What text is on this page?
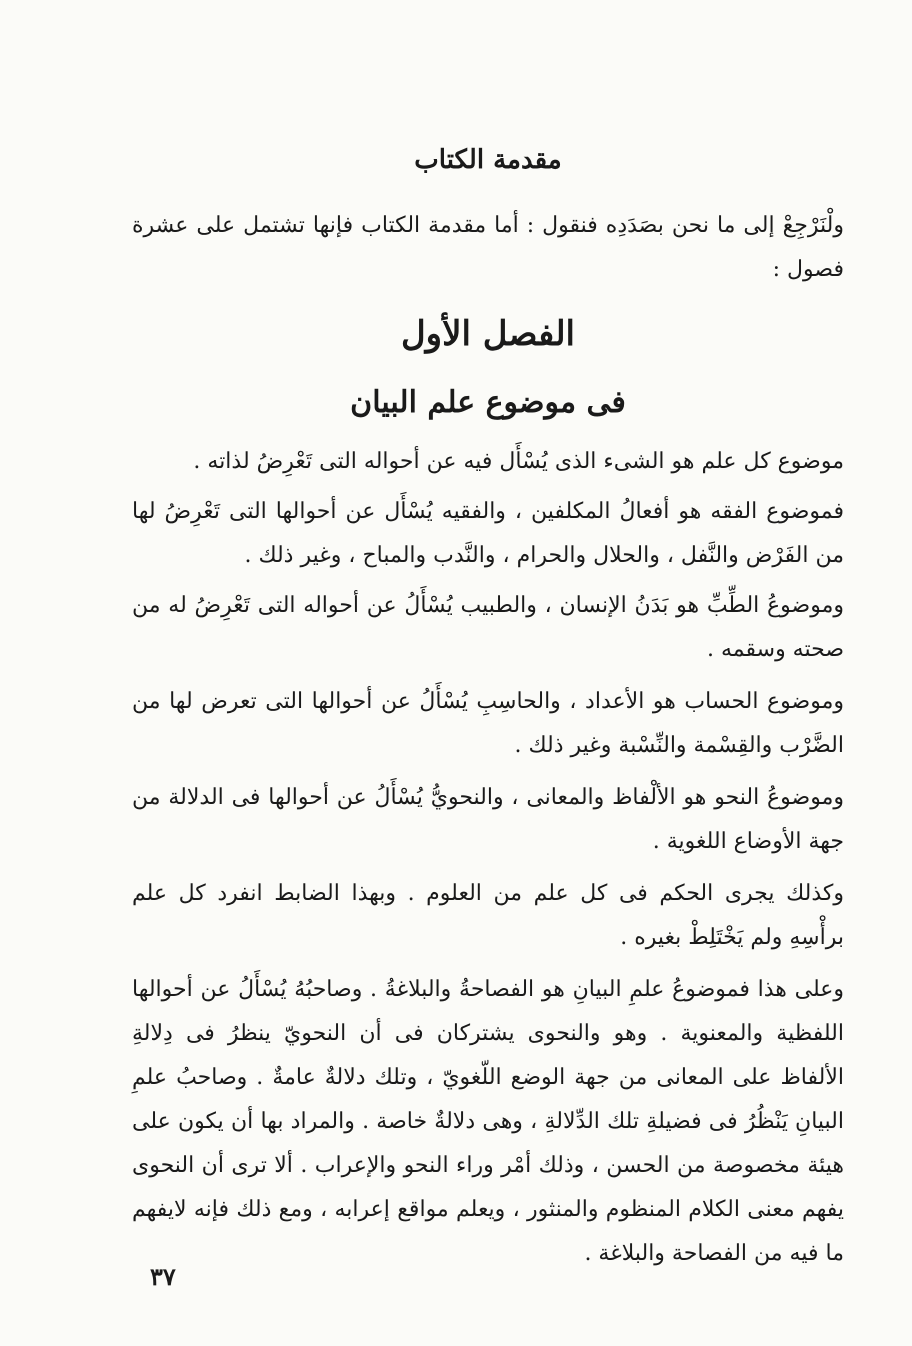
مقدمة الكتاب

ولْنَرْجِعْ إلى ما نحن بصَدَدِه فنقول : أما مقدمة الكتاب فإنها تشتمل على عشرة فصول :

الفصل الأول
فى موضوع علم البيان

موضوع كل علم هو الشىء الذى يُسْأَل فيه عن أحواله التى تَعْرِضُ لذاته .

فموضوع الفقه هو أفعالُ المكلفين ، والفقيه يُسْأَل عن أحوالها التى تَعْرِضُ لها من الفَرْض والنَّفل ، والحلال والحرام ، والنَّدب والمباح ، وغير ذلك .

وموضوعُ الطِّبِّ هو بَدَنُ الإنسان ، والطبيب يُسْأَلُ عن أحواله التى تَعْرِضُ له من صحته وسقمه .

وموضوع الحساب هو الأعداد ، والحاسِبِ يُسْأَلُ عن أحوالها التى تعرض لها من الضَّرْب والقِسْمة والنِّسْبة وغير ذلك .

وموضوعُ النحو هو الألْفاظ والمعانى ، والنحويُّ يُسْأَلُ عن أحوالها فى الدلالة من جهة الأوضاع اللغوية .

وكذلك يجرى الحكم فى كل علم من العلوم . وبهذا الضابط انفرد كل علم برأْسِهِ ولم يَخْتَلِطْ بغيره .

وعلى هذا فموضوعُ علمِ البيانِ هو الفصاحةُ والبلاغةُ . وصاحبُهُ يُسْأَلُ عن أحوالها اللفظية والمعنوية . وهو والنحوى يشتركان فى أن النحويّ ينظرُ فى دِلالةِ الألفاظ على المعانى من جهة الوضع اللّغويّ ، وتلك دلالةٌ عامةٌ . وصاحبُ علمِ البيانِ يَنْظُرُ فى فضيلةِ تلك الدِّلالةِ ، وهى دلالةٌ خاصة . والمراد بها أن يكون على هيئة مخصوصة من الحسن ، وذلك أمْر وراء النحو والإعراب . ألا ترى أن النحوى يفهم معنى الكلام المنظوم والمنثور ، ويعلم مواقع إعرابه ، ومع ذلك فإنه لايفهم ما فيه من الفصاحة والبلاغة .

٣٧
